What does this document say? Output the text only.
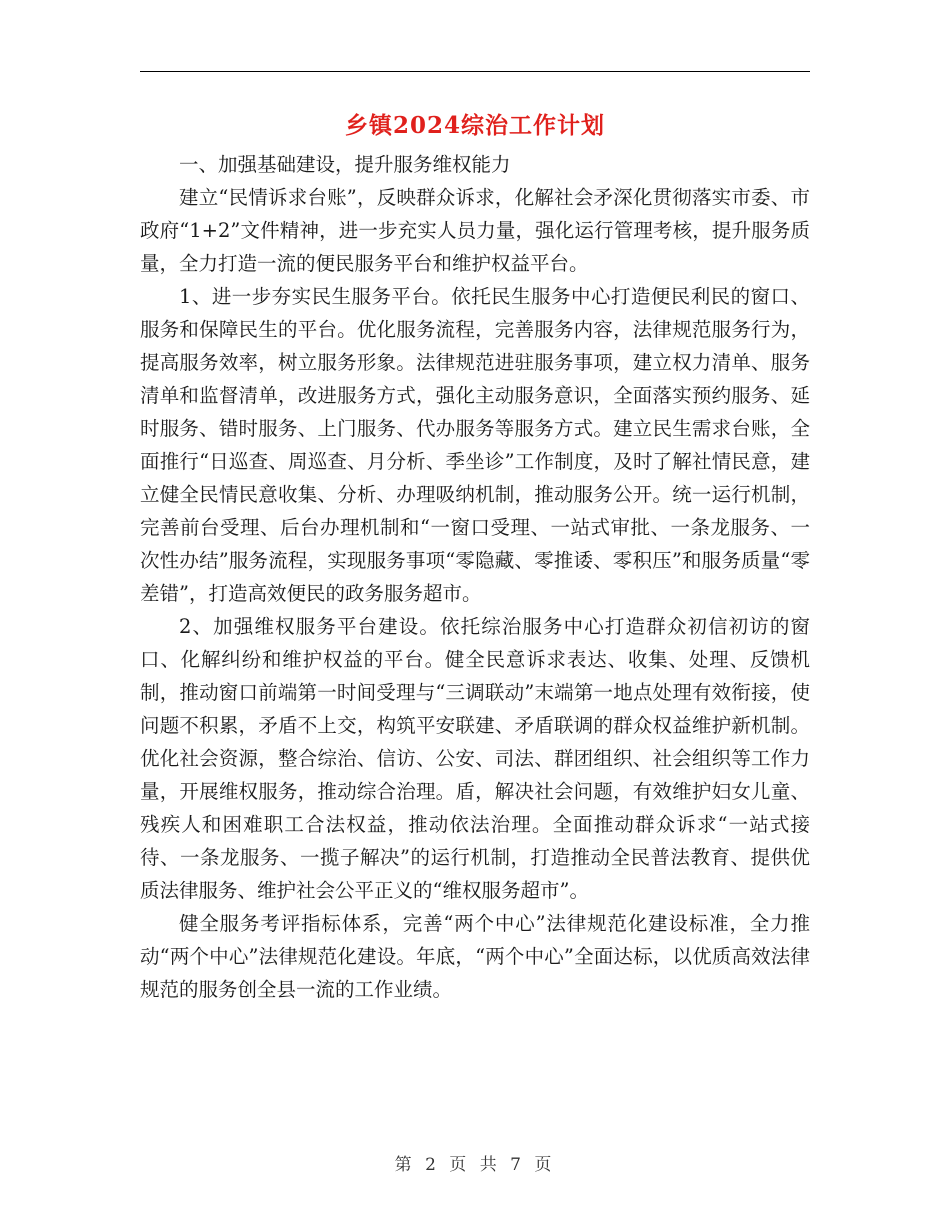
乡镇2024综治工作计划

一、加强基础建设，提升服务维权能力

建立“民情诉求台账”，反映群众诉求，化解社会矛深化贯彻落实市委、市政府“1+2”文件精神，进一步充实人员力量，强化运行管理考核，提升服务质量，全力打造一流的便民服务平台和维护权益平台。

1、进一步夯实民生服务平台。依托民生服务中心打造便民利民的窗口、服务和保障民生的平台。优化服务流程，完善服务内容，法律规范服务行为，提高服务效率，树立服务形象。法律规范进驻服务事项，建立权力清单、服务清单和监督清单，改进服务方式，强化主动服务意识，全面落实预约服务、延时服务、错时服务、上门服务、代办服务等服务方式。建立民生需求台账，全面推行“日巡查、周巡查、月分析、季坐诊”工作制度，及时了解社情民意，建立健全民情民意收集、分析、办理吸纳机制，推动服务公开。统一运行机制，完善前台受理、后台办理机制和“一窗口受理、一站式审批、一条龙服务、一次性办结”服务流程，实现服务事项“零隐藏、零推诿、零积压”和服务质量“零差错”，打造高效便民的政务服务超市。

2、加强维权服务平台建设。依托综治服务中心打造群众初信初访的窗口、化解纠纷和维护权益的平台。健全民意诉求表达、收集、处理、反馈机制，推动窗口前端第一时间受理与“三调联动”末端第一地点处理有效衔接，使问题不积累，矛盾不上交，构筑平安联建、矛盾联调的群众权益维护新机制。优化社会资源，整合综治、信访、公安、司法、群团组织、社会组织等工作力量，开展维权服务，推动综合治理。盾，解决社会问题，有效维护妇女儿童、残疾人和困难职工合法权益，推动依法治理。全面推动群众诉求“一站式接待、一条龙服务、一揽子解决”的运行机制，打造推动全民普法教育、提供优质法律服务、维护社会公平正义的“维权服务超市”。

健全服务考评指标体系，完善“两个中心”法律规范化建设标准，全力推动“两个中心”法律规范化建设。年底，“两个中心”全面达标，以优质高效法律规范的服务创全县一流的工作业绩。

第 2 页 共 7 页
